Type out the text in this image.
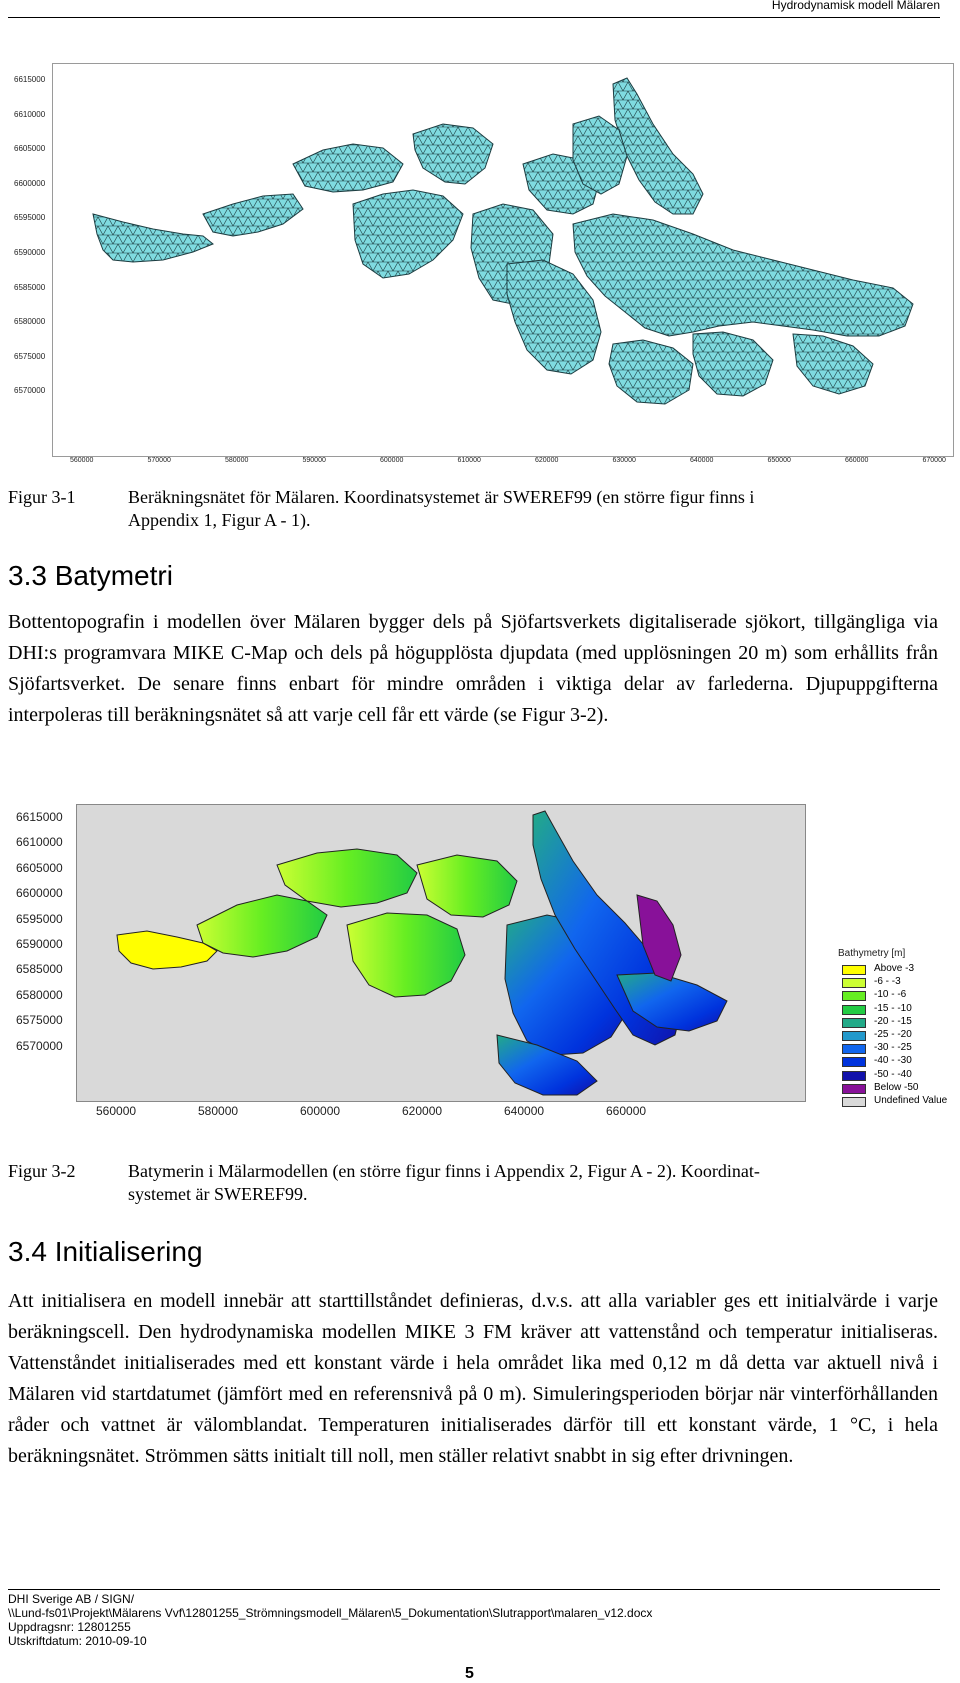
Hydrodynamisk modell Mälaren
6615000
6610000
6605000
6600000
6595000
6590000
6585000
6580000
6575000
6570000
560000	570000	580000	590000	600000	610000	620000	630000	640000	650000	660000	670000
Figur 3-1	Beräkningsnätet för Mälaren. Koordinatsystemet är SWEREF99 (en större figur finns i
Appendix 1, Figur A - 1).
3.3 Batymetri
Bottentopografin i modellen över Mälaren bygger dels på Sjöfartsverkets digitaliserade sjökort, tillgängliga via DHI:s programvara MIKE C-Map och dels på högupplösta djupdata (med upplösningen 20 m) som erhållits från Sjöfartsverket. De senare finns enbart för mindre områden i viktiga delar av farlederna. Djupuppgifterna interpoleras till beräkningsnätet så att varje cell får ett värde (se Figur 3-2).
6615000
6610000
6605000
6600000
6595000
6590000
6585000
6580000
6575000
6570000
560000	580000	600000	620000	640000	660000
Bathymetry [m]
Above -3
-6 - -3
-10 - -6
-15 - -10
-20 - -15
-25 - -20
-30 - -25
-40 - -30
-50 - -40
Below -50
Undefined Value
Figur 3-2	Batymerin i Mälarmodellen (en större figur finns i Appendix 2, Figur A - 2). Koordinat-
systemet är SWEREF99.
3.4 Initialisering
Att initialisera en modell innebär att starttillståndet definieras, d.v.s. att alla variabler ges ett initialvärde i varje beräkningscell. Den hydrodynamiska modellen MIKE 3 FM kräver att vattenstånd och temperatur initialiseras. Vattenståndet initialiserades med ett konstant värde i hela området lika med 0,12 m då detta var aktuell nivå i Mälaren vid startdatumet (jämfört med en referensnivå på 0 m). Simuleringsperioden börjar när vinterförhållanden råder och vattnet är välomblandat. Temperaturen initialiserades därför till ett konstant värde, 1 °C, i hela beräkningsnätet. Strömmen sätts initialt till noll, men ställer relativt snabbt in sig efter drivningen.
DHI Sverige AB / SIGN/
\\Lund-fs01\Projekt\Mälarens Vvf\12801255_Strömningsmodell_Mälaren\5_Dokumentation\Slutrapport\malaren_v12.docx
Uppdragsnr: 12801255
Utskriftdatum: 2010-09-10
5
